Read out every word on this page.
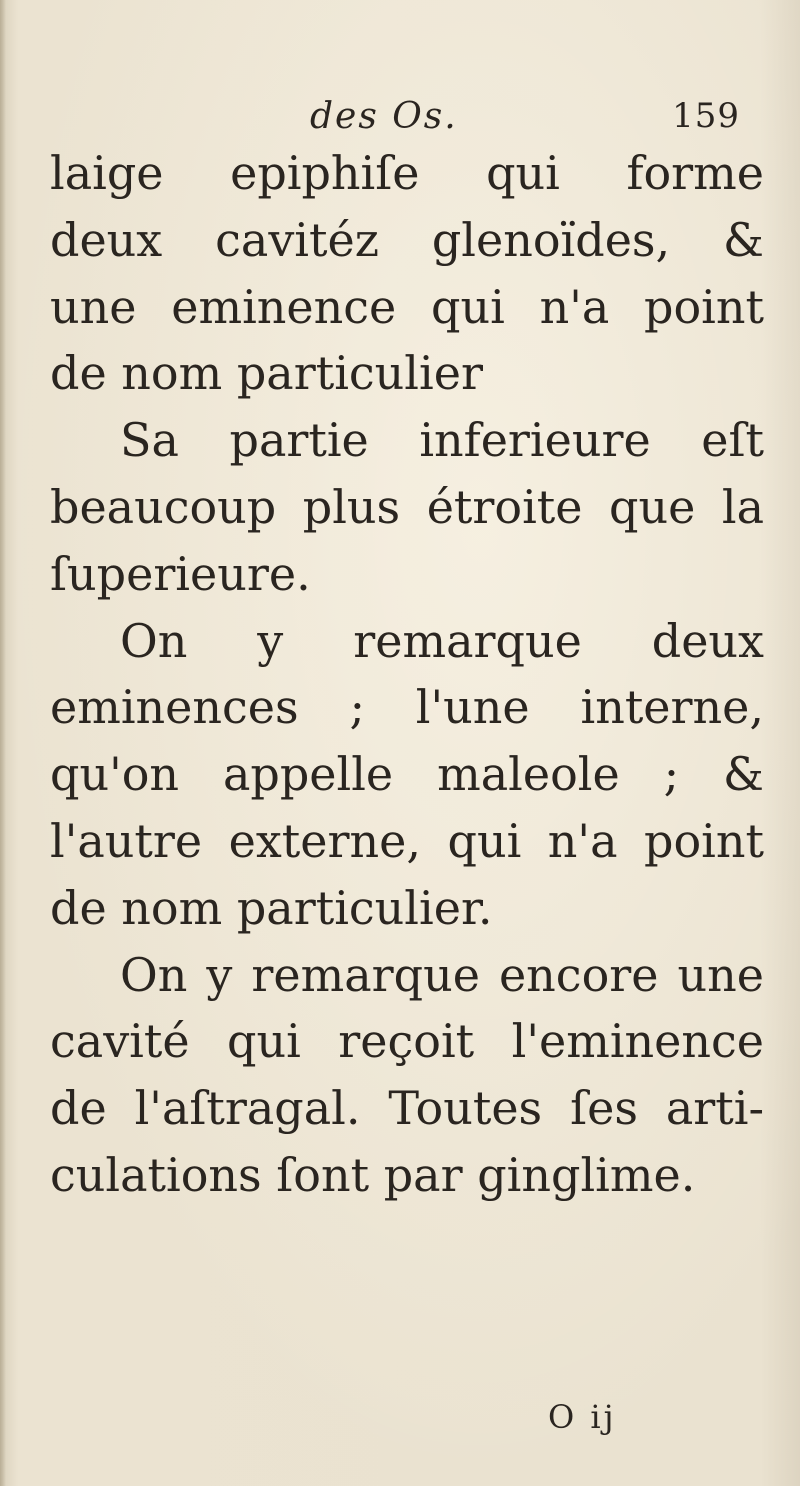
des Os.	159
laige epiphiſe qui forme
deux cavitéz glenoïdes, &
une eminence qui n'a point
de nom particulier
Sa partie inferieure eſt
beaucoup plus étroite que la
ſuperieure.
On y remarque deux
eminences ; l'une interne,
qu'on appelle maleole ; &
l'autre externe, qui n'a point
de nom particulier.
On y remarque encore une
cavité qui reçoit l'eminence
de l'aſtragal. Toutes ſes arti-
culations ſont par ginglime.
O ij
